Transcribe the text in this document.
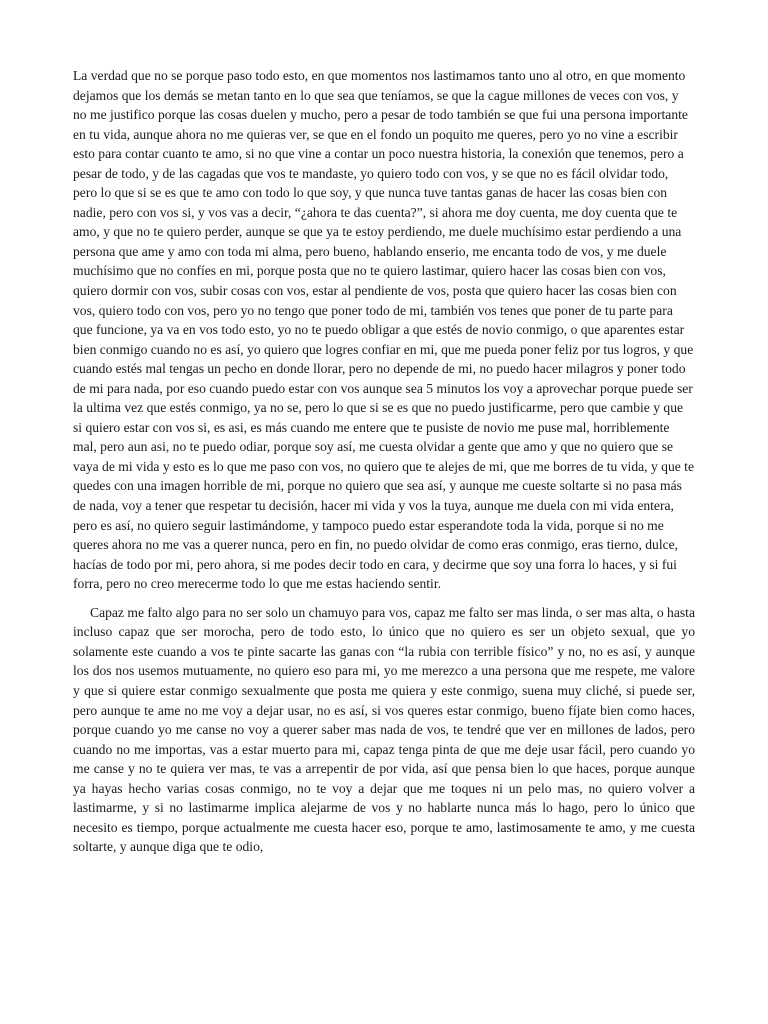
La verdad que no se porque paso todo esto, en que momentos nos lastimamos tanto uno al otro, en que momento dejamos que los demás se metan tanto en lo que sea que teníamos, se que la cague millones de veces con vos, y no me justifico porque las cosas duelen y mucho, pero a pesar de todo también se que fui una persona importante en tu vida, aunque ahora no me quieras ver, se que en el fondo un poquito me queres, pero yo no vine a escribir esto para contar cuanto te amo, si no que vine a contar un poco nuestra historia, la conexión que tenemos, pero a pesar de todo, y de las cagadas que vos te mandaste, yo quiero todo con vos, y se que no es fácil olvidar todo, pero lo que si se es que te amo con todo lo que soy, y que nunca tuve tantas ganas de hacer las cosas bien con nadie, pero con vos si, y vos vas a decir, “¿ahora te das cuenta?”, si ahora me doy cuenta, me doy cuenta que te amo, y que no te quiero perder, aunque se que ya te estoy perdiendo, me duele muchísimo estar perdiendo a una persona que ame y amo con toda mi alma, pero bueno, hablando enserio, me encanta todo de vos, y me duele muchísimo que no confíes en mi, porque posta que no te quiero lastimar, quiero hacer las cosas bien con vos, quiero dormir con vos, subir cosas con vos, estar al pendiente de vos, posta que quiero hacer las cosas bien con vos, quiero todo con vos, pero yo no tengo que poner todo de mi, también vos tenes que poner de tu parte para que funcione, ya va en vos todo esto, yo no te puedo obligar a que estés de novio conmigo, o que aparentes estar bien conmigo cuando no es así, yo quiero que logres confiar en mi, que me pueda poner feliz por tus logros, y que cuando estés mal tengas un pecho en donde llorar, pero no depende de mi, no puedo hacer milagros y poner todo de mi para nada, por eso cuando puedo estar con vos aunque sea 5 minutos los voy a aprovechar porque puede ser la ultima vez que estés conmigo, ya no se, pero lo que si se es que no puedo justificarme, pero que cambie y que si quiero estar con vos si, es asi, es más cuando me entere que te pusiste de novio me puse mal, horriblemente mal, pero aun asi, no te puedo odiar, porque soy así, me cuesta olvidar a gente que amo y que no quiero que se vaya de mi vida y esto es lo que me paso con vos, no quiero que te alejes de mi, que me borres de tu vida, y que te quedes con una imagen horrible de mi, porque no quiero que sea así, y aunque me cueste soltarte si no pasa más de nada, voy a tener que respetar tu decisión, hacer mi vida y vos la tuya, aunque me duela con mi vida entera, pero es así, no quiero seguir lastimándome, y tampoco puedo estar esperandote toda la vida, porque si no me queres ahora no me vas a querer nunca, pero en fin, no puedo olvidar de como eras conmigo, eras tierno, dulce, hacías de todo por mi, pero ahora, si me podes decir todo en cara, y decirme que soy una forra lo haces, y si fui forra, pero no creo merecerme todo lo que me estas haciendo sentir.

Capaz me falto algo para no ser solo un chamuyo para vos, capaz me falto ser mas linda, o ser mas alta, o hasta incluso capaz que ser morocha, pero de todo esto, lo único que no quiero es ser un objeto sexual, que yo solamente este cuando a vos te pinte sacarte las ganas con “la rubia con terrible físico” y no, no es así, y aunque los dos nos usemos mutuamente, no quiero eso para mi, yo me merezco a una persona que me respete, me valore y que si quiere estar conmigo sexualmente que posta me quiera y este conmigo, suena muy cliché, si puede ser, pero aunque te ame no me voy a dejar usar, no es así, si vos queres estar conmigo, bueno fíjate bien como haces, porque cuando yo me canse no voy a querer saber mas nada de vos, te tendré que ver en millones de lados, pero cuando no me importas, vas a estar muerto para mi, capaz tenga pinta de que me deje usar fácil, pero cuando yo me canse y no te quiera ver mas, te vas a arrepentir de por vida, así que pensa bien lo que haces, porque aunque ya hayas hecho varias cosas conmigo, no te voy a dejar que me toques ni un pelo mas, no quiero volver a lastimarme, y si no lastimarme implica alejarme de vos y no hablarte nunca más lo hago, pero lo único que necesito es tiempo, porque actualmente me cuesta hacer eso, porque te amo, lastimosamente te amo, y me cuesta soltarte, y aunque diga que te odio,
